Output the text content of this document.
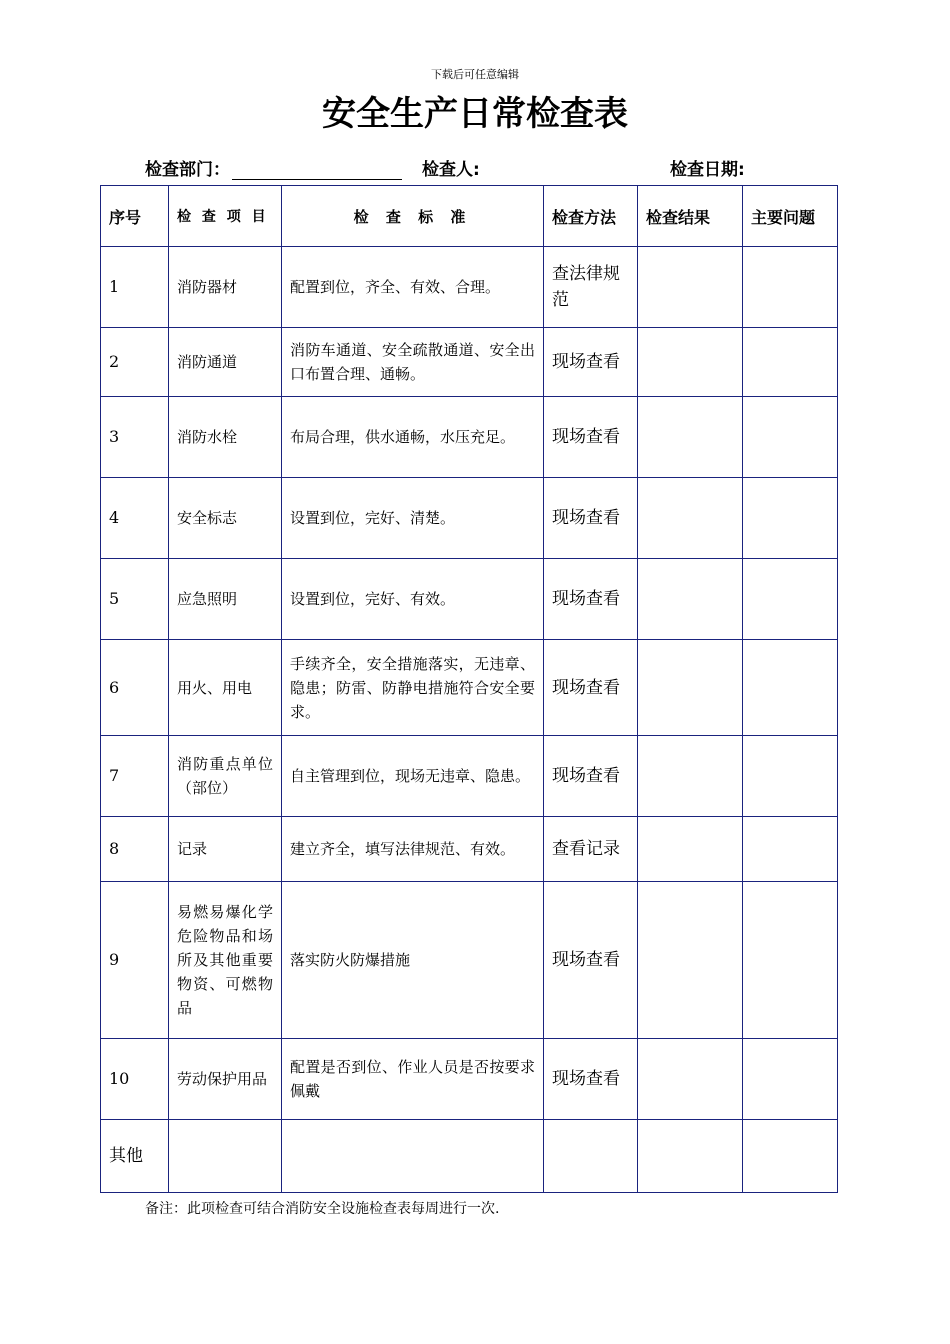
下载后可任意编辑
安全生产日常检查表
检查部门：	检查人:	检查日期:
序号	检 查 项 目	检 查 标 准	检查方法	检查结果	主要问题
1	消防器材	配置到位，齐全、有效、合理。	查法律规范		
2	消防通道	消防车通道、安全疏散通道、安全出口布置合理、通畅。	现场查看		
3	消防水栓	布局合理，供水通畅，水压充足。	现场查看		
4	安全标志	设置到位，完好、清楚。	现场查看		
5	应急照明	设置到位，完好、有效。	现场查看		
6	用火、用电	手续齐全，安全措施落实，无违章、隐患；防雷、防静电措施符合安全要求。	现场查看		
7	消防重点单位（部位）	自主管理到位，现场无违章、隐患。	现场查看		
8	记录	建立齐全，填写法律规范、有效。	查看记录		
9	易燃易爆化学危险物品和场所及其他重要物资、可燃物品	落实防火防爆措施	现场查看		
10	劳动保护用品	配置是否到位、作业人员是否按要求佩戴	现场查看		
其他					
备注：此项检查可结合消防安全设施检查表每周进行一次.
